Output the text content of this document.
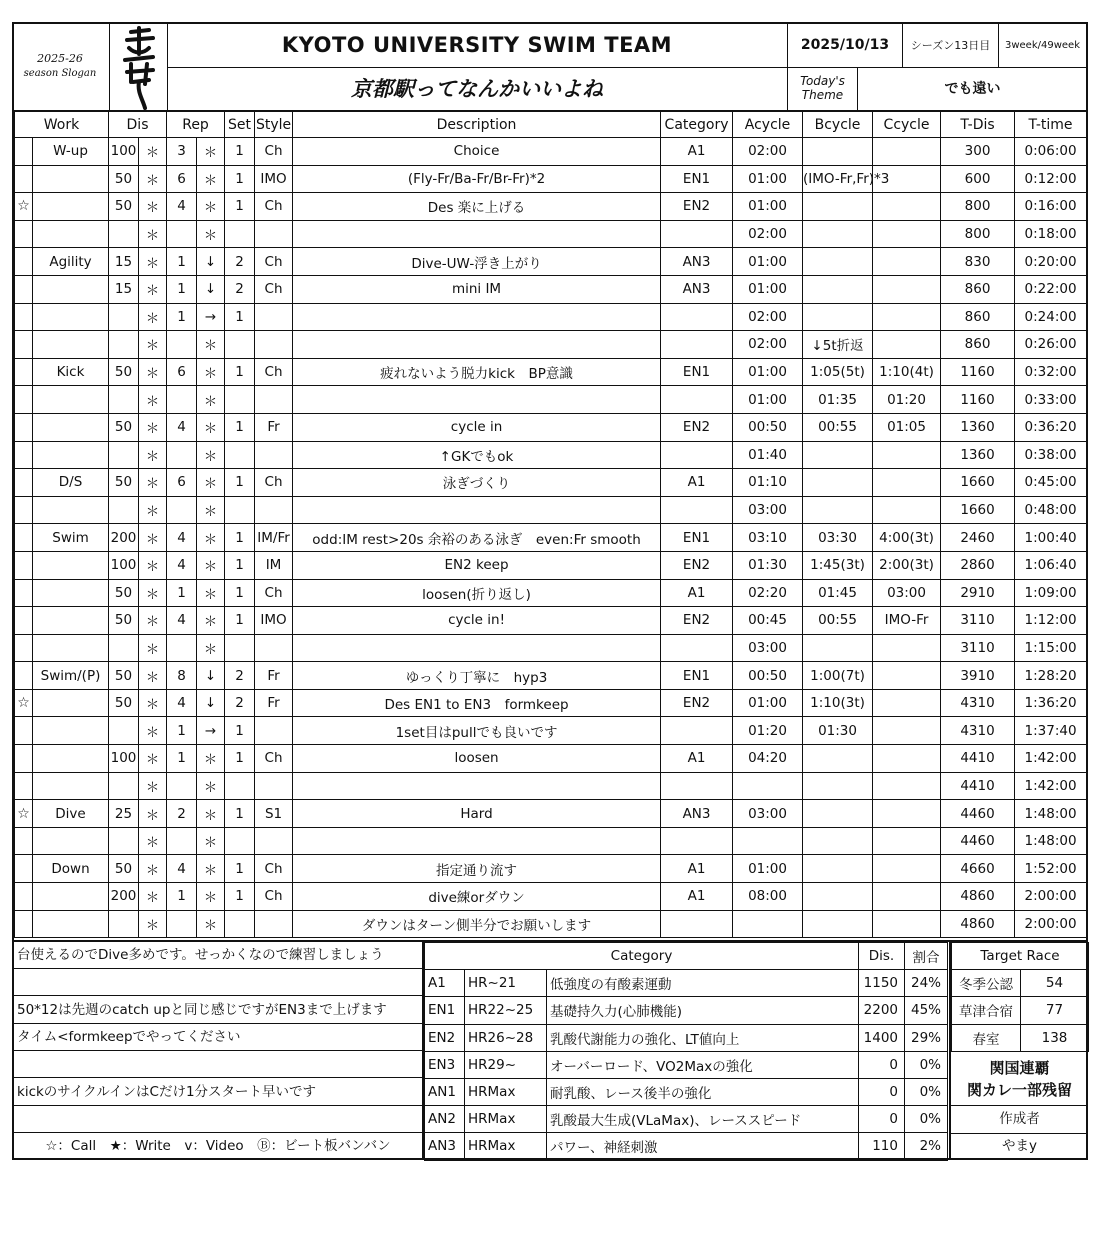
2025-26
season Slogan
KYOTO UNIVERSITY SWIM TEAM
京都駅ってなんかいいよね
2025/10/13	シーズン13日目	3week/49week
Today's Theme	でも遠い
Work		Dis		Rep		Set	Style	Description	Category	Acycle	Bcycle	Ccycle	T-Dis	T-time
	W-up	100	＊	3	＊	1	Ch	Choice	A1	02:00			300	0:06:00
		50	＊	6	＊	1	IMO	(Fly-Fr/Ba-Fr/Br-Fr)*2	EN1	01:00	(IMO-Fr,Fr)*3		600	0:12:00
☆		50	＊	4	＊	1	Ch	Des 楽に上げる	EN2	01:00			800	0:16:00
			＊		＊					02:00			800	0:18:00
	Agility	15	＊	1	↓	2	Ch	Dive-UW-浮き上がり	AN3	01:00			830	0:20:00
		15	＊	1	↓	2	Ch	mini IM	AN3	01:00			860	0:22:00
			＊	1	→	1				02:00			860	0:24:00
			＊		＊					02:00	↓5t折返		860	0:26:00
	Kick	50	＊	6	＊	1	Ch	疲れないよう脱力kick　BP意識	EN1	01:00	1:05(5t)	1:10(4t)	1160	0:32:00
			＊		＊					01:00	01:35	01:20	1160	0:33:00
		50	＊	4	＊	1	Fr	cycle in	EN2	00:50	00:55	01:05	1360	0:36:20
			＊		＊			↑GKでもok		01:40			1360	0:38:00
	D/S	50	＊	6	＊	1	Ch	泳ぎづくり	A1	01:10			1660	0:45:00
			＊		＊					03:00			1660	0:48:00
	Swim	200	＊	4	＊	1	IM/Fr	odd:IM rest>20s 余裕のある泳ぎ　even:Fr smooth	EN1	03:10	03:30	4:00(3t)	2460	1:00:40
		100	＊	4	＊	1	IM	EN2 keep	EN2	01:30	1:45(3t)	2:00(3t)	2860	1:06:40
		50	＊	1	＊	1	Ch	loosen(折り返し)	A1	02:20	01:45	03:00	2910	1:09:00
		50	＊	4	＊	1	IMO	cycle in!	EN2	00:45	00:55	IMO-Fr	3110	1:12:00
			＊		＊					03:00			3110	1:15:00
	Swim/(P)	50	＊	8	↓	2	Fr	ゆっくり丁寧に　hyp3	EN1	00:50	1:00(7t)		3910	1:28:20
☆		50	＊	4	↓	2	Fr	Des EN1 to EN3　formkeep	EN2	01:00	1:10(3t)		4310	1:36:20
			＊	1	→	1		1set目はpullでも良いです		01:20	01:30		4310	1:37:40
		100	＊	1	＊	1	Ch	loosen	A1	04:20			4410	1:42:00
			＊		＊								4410	1:42:00
☆	Dive	25	＊	2	＊	1	S1	Hard	AN3	03:00			4460	1:48:00
			＊		＊								4460	1:48:00
	Down	50	＊	4	＊	1	Ch	指定通り流す	A1	01:00			4660	1:52:00
		200	＊	1	＊	1	Ch	dive練orダウン	A1	08:00			4860	2:00:00
			＊		＊			ダウンはターン側半分でお願いします					4860	2:00:00
台使えるのでDive多めです。せっかくなので練習しましょう
50*12は先週のcatch upと同じ感じですがEN3まで上げます
タイム<formkeepでやってください
kickのサイクルインはCだけ1分スタート早いです
☆：Call　★：Write　v：Video　Ⓑ：ビート板バンバン
Category			Dis.	割合
A1	HR~21	低強度の有酸素運動	1150	24%
EN1	HR22~25	基礎持久力(心肺機能)	2200	45%
EN2	HR26~28	乳酸代謝能力の強化、LT値向上	1400	29%
EN3	HR29~	オーバーロード、VO2Maxの強化	0	0%
AN1	HRMax	耐乳酸、レース後半の強化	0	0%
AN2	HRMax	乳酸最大生成(VLaMax)、レーススピード	0	0%
AN3	HRMax	パワー、神経刺激	110	2%
Target Race	
冬季公認	54
草津合宿	77
春室	138
関国連覇
関カレ一部残留
作成者
やまy
